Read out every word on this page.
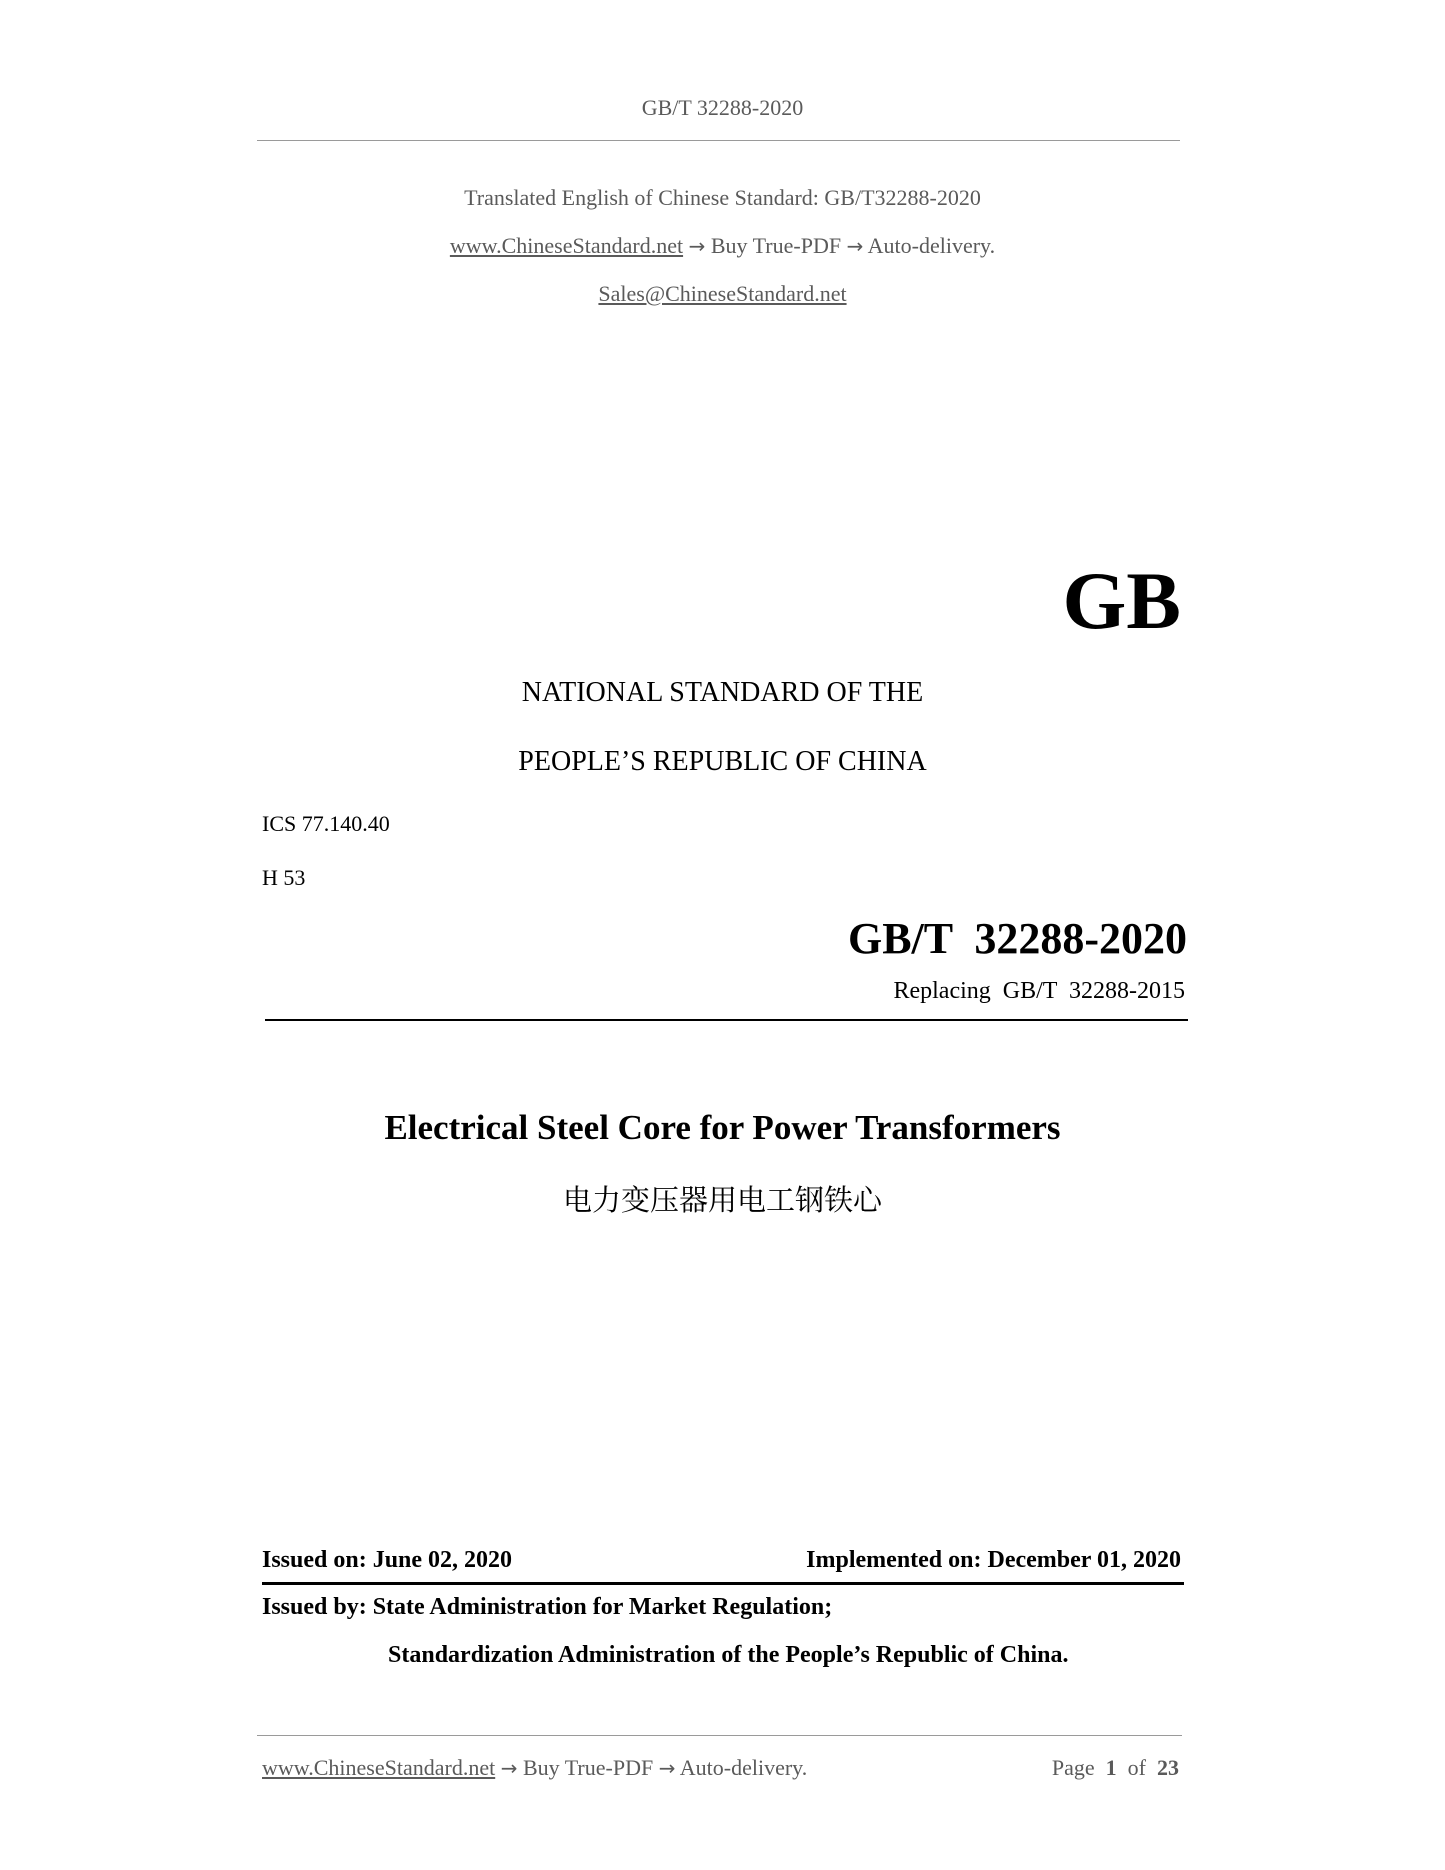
GB/T 32288-2020
Translated English of Chinese Standard: GB/T32288-2020
www.ChineseStandard.net → Buy True-PDF → Auto-delivery.
Sales@ChineseStandard.net
GB
NATIONAL STANDARD OF THE
PEOPLE’S REPUBLIC OF CHINA
ICS 77.140.40
H 53
GB/T  32288-2020
Replacing  GB/T  32288-2015
Electrical Steel Core for Power Transformers
电力变压器用电工钢铁心
Issued on: June 02, 2020	Implemented on: December 01, 2020
Issued by: State Administration for Market Regulation;
Standardization Administration of the People’s Republic of China.
www.ChineseStandard.net → Buy True-PDF → Auto-delivery.	Page 1 of 23
